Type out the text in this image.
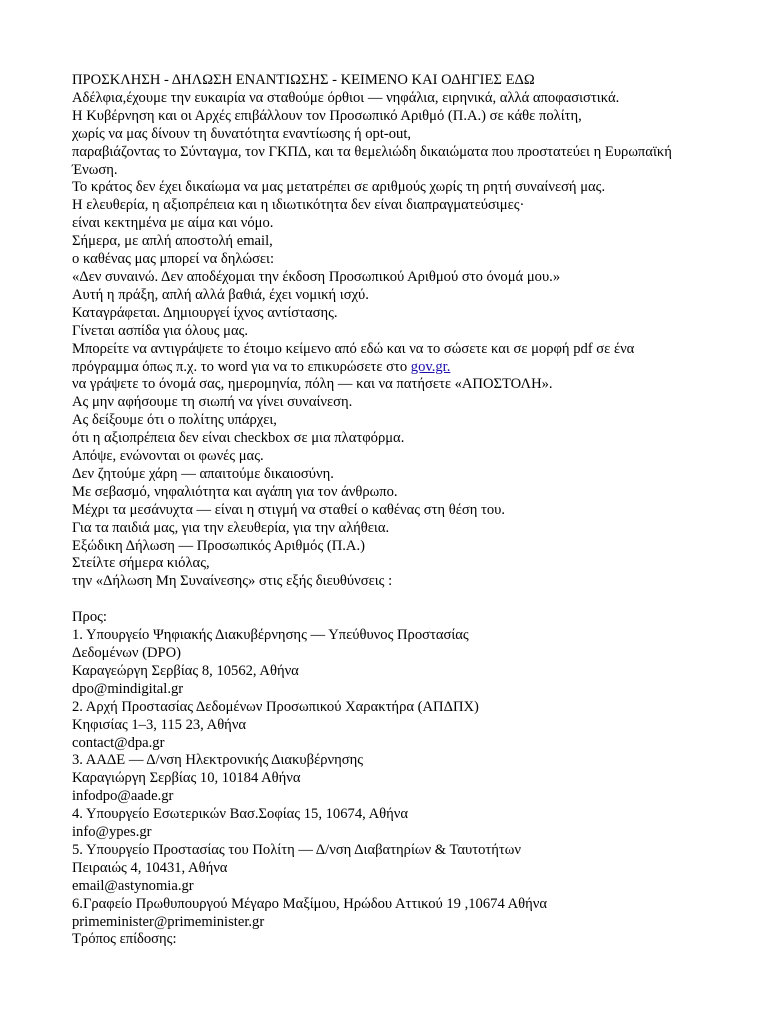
ΠΡΟΣΚΛΗΣΗ - ΔΗΛΩΣΗ ΕΝΑΝΤΙΩΣΗΣ - ΚΕΙΜΕΝΟ ΚΑΙ ΟΔΗΓΙΕΣ ΕΔΩ
Αδέλφια,έχουμε την ευκαιρία να σταθούμε όρθιοι — νηφάλια, ειρηνικά, αλλά αποφασιστικά.
Η Κυβέρνηση και οι Αρχές επιβάλλουν τον Προσωπικό Αριθμό (Π.Α.) σε κάθε πολίτη,
χωρίς να μας δίνουν τη δυνατότητα εναντίωσης ή opt-out,
παραβιάζοντας το Σύνταγμα, τον ΓΚΠΔ, και τα θεμελιώδη δικαιώματα που προστατεύει η Ευρωπαϊκή
Ένωση.
Το κράτος δεν έχει δικαίωμα να μας μετατρέπει σε αριθμούς χωρίς τη ρητή συναίνεσή μας.
Η ελευθερία, η αξιοπρέπεια και η ιδιωτικότητα δεν είναι διαπραγματεύσιμες·
είναι κεκτημένα με αίμα και νόμο.
Σήμερα, με απλή αποστολή email,
ο καθένας μας μπορεί να δηλώσει:
«Δεν συναινώ. Δεν αποδέχομαι την έκδοση Προσωπικού Αριθμού στο όνομά μου.»
Αυτή η πράξη, απλή αλλά βαθιά, έχει νομική ισχύ.
Καταγράφεται. Δημιουργεί ίχνος αντίστασης.
Γίνεται ασπίδα για όλους μας.
Μπορείτε να αντιγράψετε το έτοιμο κείμενο από εδώ και να το σώσετε και σε μορφή pdf σε ένα
πρόγραμμα όπως π.χ. το word για να το επικυρώσετε στο gov.gr.
να γράψετε το όνομά σας, ημερομηνία, πόλη — και να πατήσετε «ΑΠΟΣΤΟΛΗ».
Ας μην αφήσουμε τη σιωπή να γίνει συναίνεση.
Ας δείξουμε ότι ο πολίτης υπάρχει,
ότι η αξιοπρέπεια δεν είναι checkbox σε μια πλατφόρμα.
Απόψε, ενώνονται οι φωνές μας.
Δεν ζητούμε χάρη — απαιτούμε δικαιοσύνη.
Με σεβασμό, νηφαλιότητα και αγάπη για τον άνθρωπο.
Μέχρι τα μεσάνυχτα — είναι η στιγμή να σταθεί ο καθένας στη θέση του.
Για τα παιδιά μας, για την ελευθερία, για την αλήθεια.
Εξώδικη Δήλωση — Προσωπικός Αριθμός (Π.Α.)
Στείλτε σήμερα κιόλας,
την «Δήλωση Μη Συναίνεσης» στις εξής διευθύνσεις :
Προς:
1. Υπουργείο Ψηφιακής Διακυβέρνησης — Υπεύθυνος Προστασίας
Δεδομένων (DPO)
Καραγεώργη Σερβίας 8, 10562, Αθήνα
dpo@mindigital.gr
2. Αρχή Προστασίας Δεδομένων Προσωπικού Χαρακτήρα (ΑΠΔΠΧ)
Κηφισίας 1–3, 115 23, Αθήνα
contact@dpa.gr
3. ΑΑΔΕ — Δ/νση Ηλεκτρονικής Διακυβέρνησης
Καραγιώργη Σερβίας 10, 10184 Αθήνα
infodpo@aade.gr
4. Υπουργείο Εσωτερικών Βασ.Σοφίας 15, 10674, Αθήνα
info@ypes.gr
5. Υπουργείο Προστασίας του Πολίτη — Δ/νση Διαβατηρίων & Ταυτοτήτων
Πειραιώς 4, 10431, Αθήνα
email@astynomia.gr
6.Γραφείο Πρωθυπουργού Μέγαρο Μαξίμου, Ηρώδου Αττικού 19 ,10674 Αθήνα
primeminister@primeminister.gr
Τρόπος επίδοσης:
